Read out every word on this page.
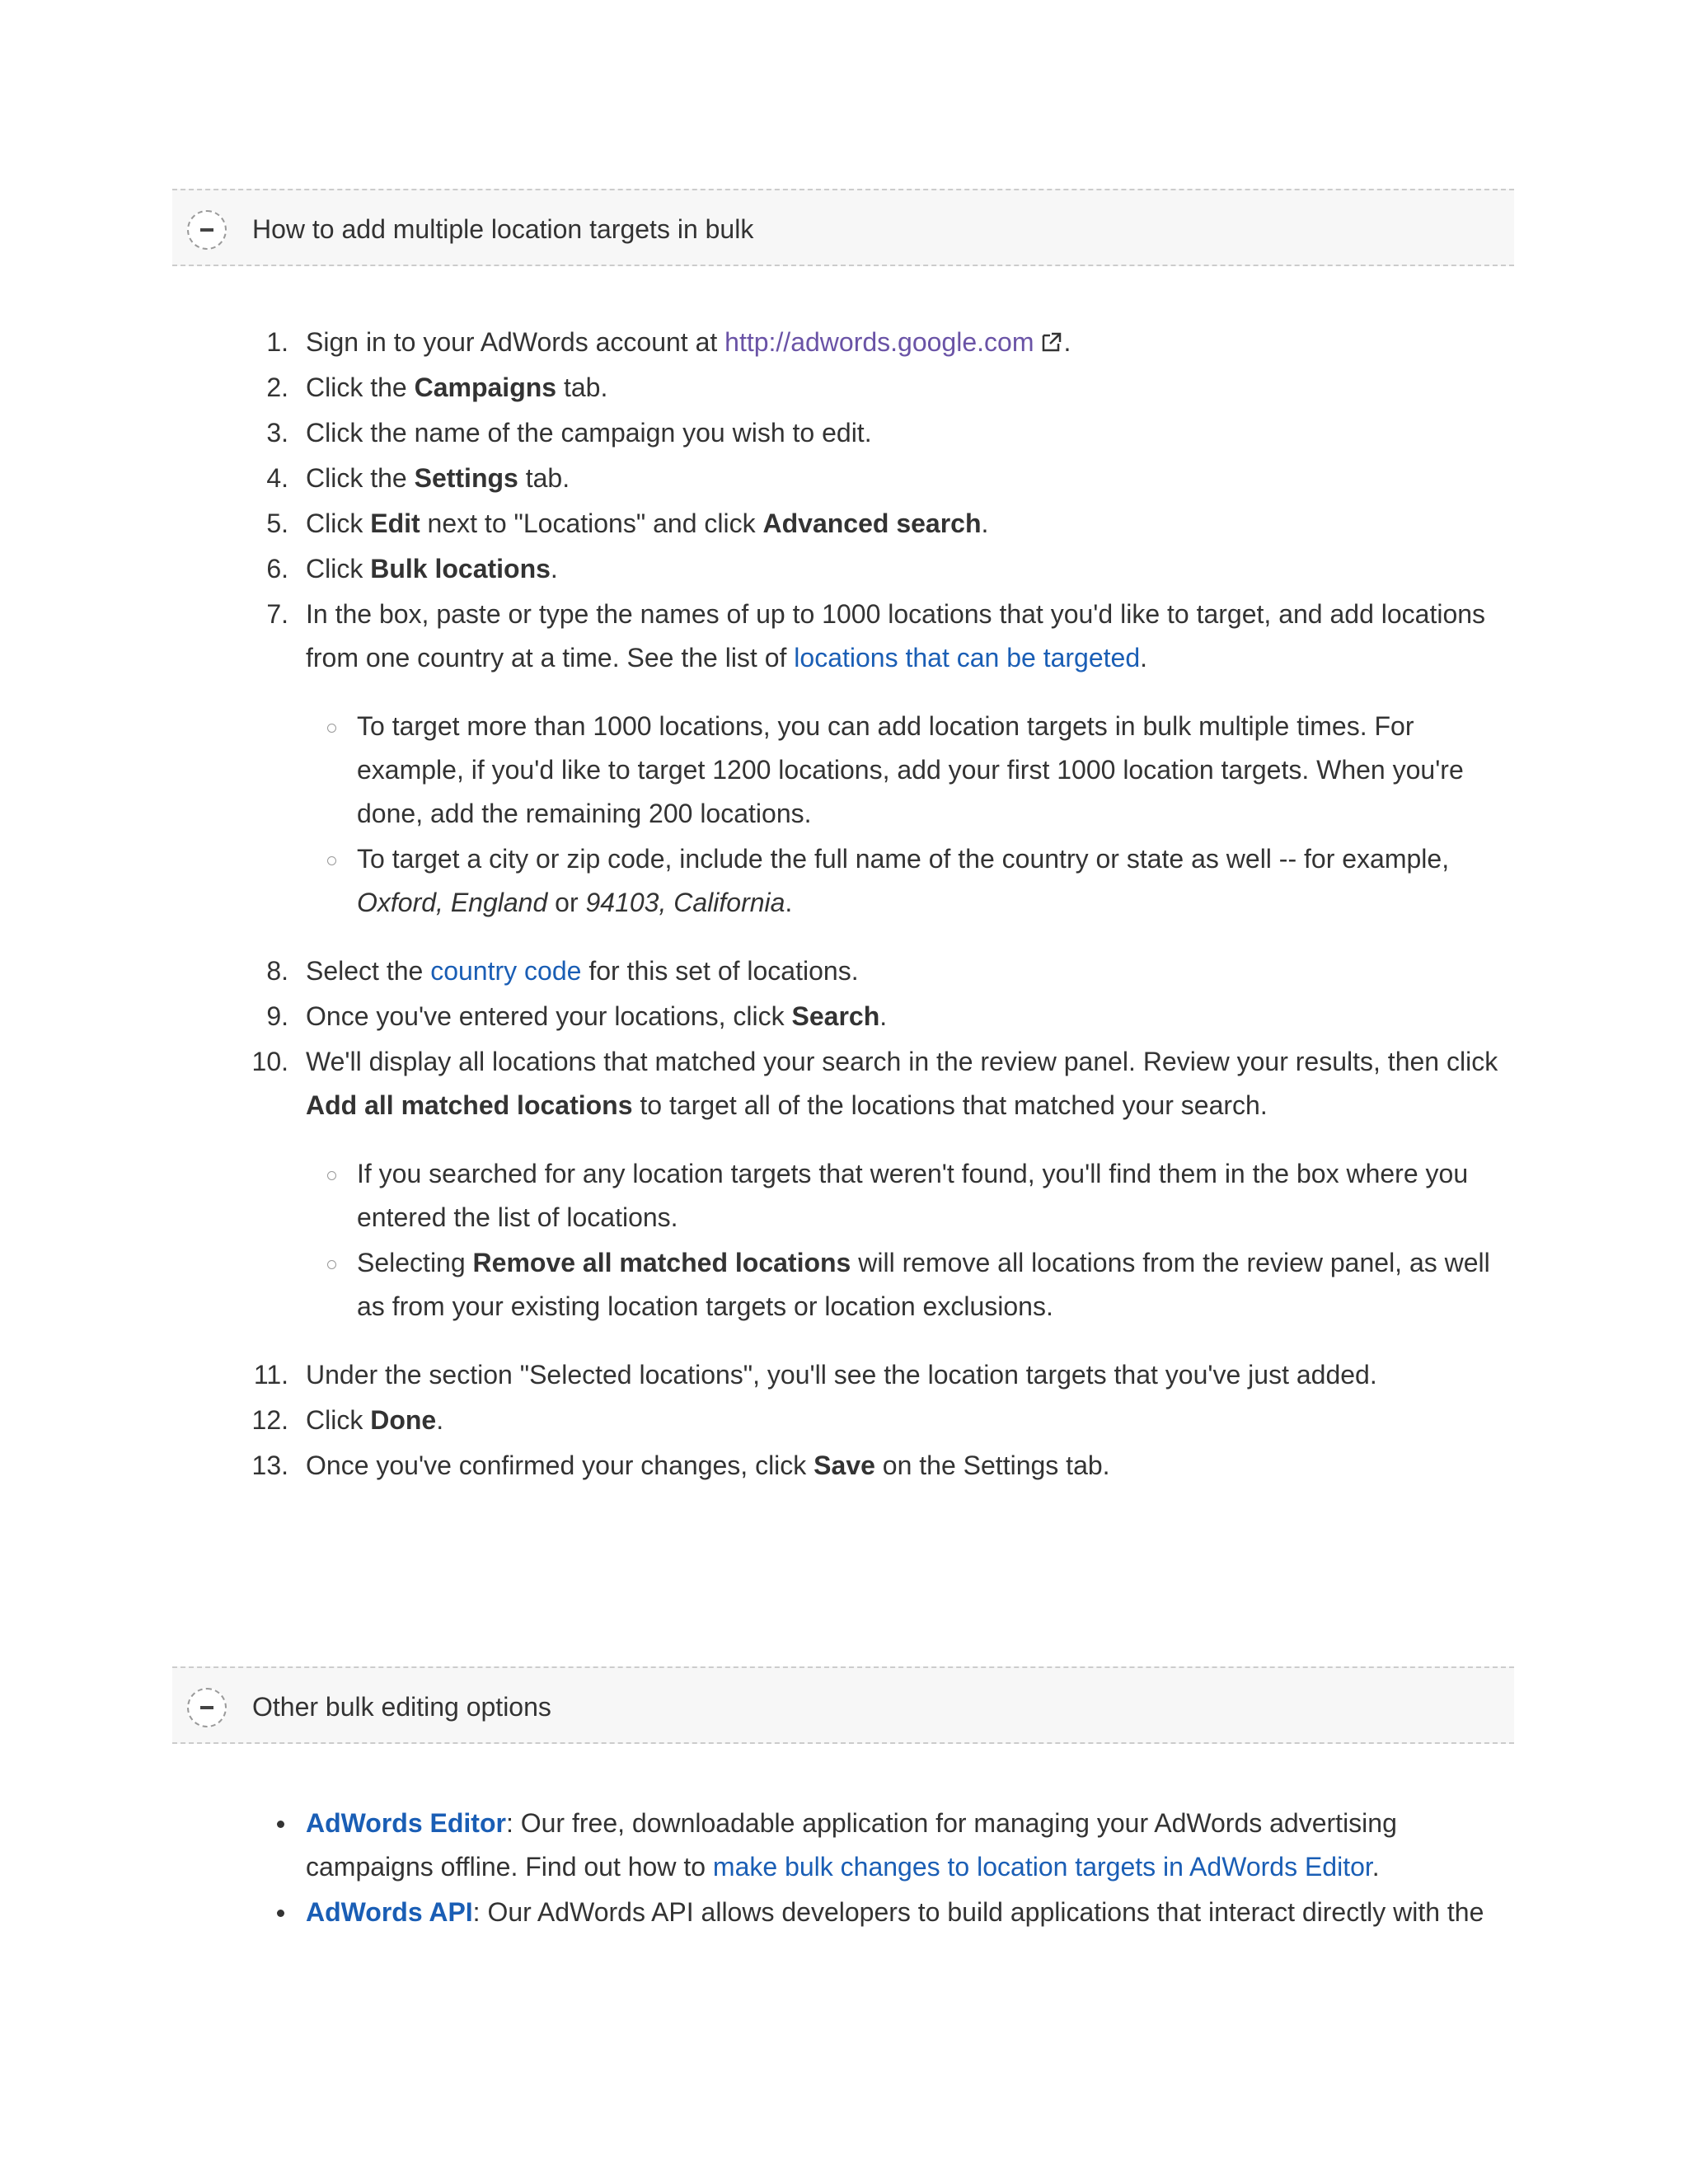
How to add multiple location targets in bulk
1. Sign in to your AdWords account at http://adwords.google.com .
2. Click the Campaigns tab.
3. Click the name of the campaign you wish to edit.
4. Click the Settings tab.
5. Click Edit next to "Locations" and click Advanced search.
6. Click Bulk locations.
7. In the box, paste or type the names of up to 1000 locations that you'd like to target, and add locations from one country at a time. See the list of locations that can be targeted.
To target more than 1000 locations, you can add location targets in bulk multiple times. For example, if you'd like to target 1200 locations, add your first 1000 location targets. When you're done, add the remaining 200 locations.
To target a city or zip code, include the full name of the country or state as well -- for example, Oxford, England or 94103, California.
8. Select the country code for this set of locations.
9. Once you've entered your locations, click Search.
10. We'll display all locations that matched your search in the review panel. Review your results, then click Add all matched locations to target all of the locations that matched your search.
If you searched for any location targets that weren't found, you'll find them in the box where you entered the list of locations.
Selecting Remove all matched locations will remove all locations from the review panel, as well as from your existing location targets or location exclusions.
11. Under the section "Selected locations", you'll see the location targets that you've just added.
12. Click Done.
13. Once you've confirmed your changes, click Save on the Settings tab.
Other bulk editing options
AdWords Editor: Our free, downloadable application for managing your AdWords advertising campaigns offline. Find out how to make bulk changes to location targets in AdWords Editor.
AdWords API: Our AdWords API allows developers to build applications that interact directly with the
